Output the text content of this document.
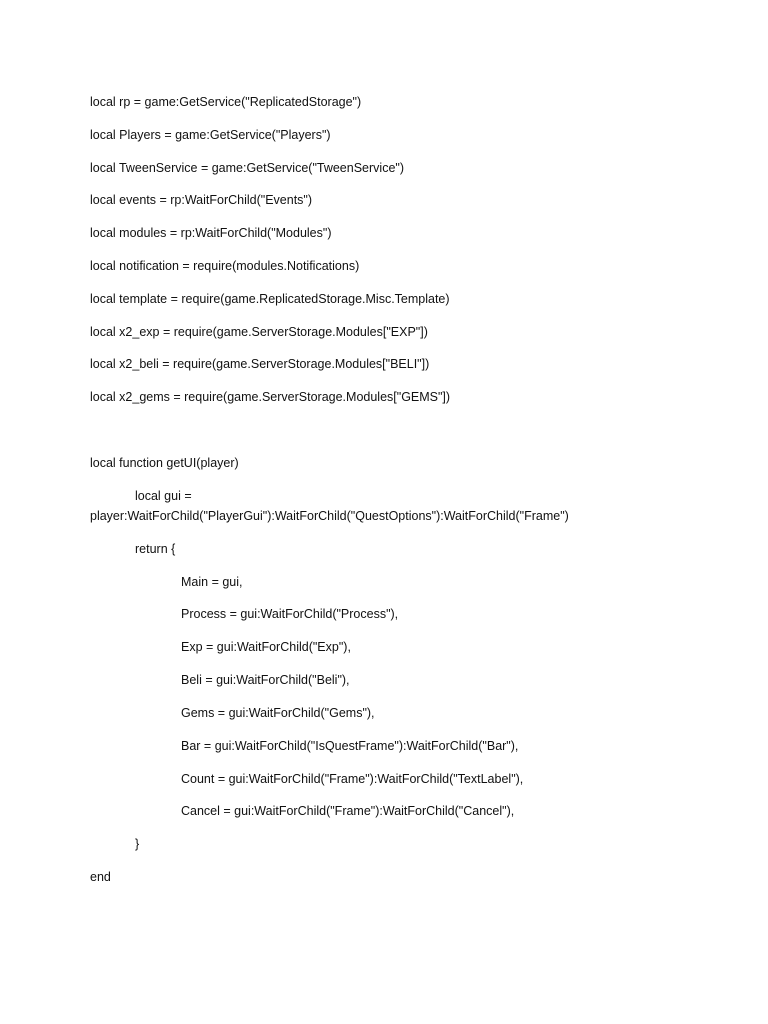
local rp = game:GetService("ReplicatedStorage")
local Players = game:GetService("Players")
local TweenService = game:GetService("TweenService")
local events = rp:WaitForChild("Events")
local modules = rp:WaitForChild("Modules")
local notification = require(modules.Notifications)
local template = require(game.ReplicatedStorage.Misc.Template)
local x2_exp = require(game.ServerStorage.Modules["EXP"])
local x2_beli = require(game.ServerStorage.Modules["BELI"])
local x2_gems = require(game.ServerStorage.Modules["GEMS"])
local function getUI(player)
local gui =
player:WaitForChild("PlayerGui"):WaitForChild("QuestOptions"):WaitForChild("Frame")
return {
Main = gui,
Process = gui:WaitForChild("Process"),
Exp = gui:WaitForChild("Exp"),
Beli = gui:WaitForChild("Beli"),
Gems = gui:WaitForChild("Gems"),
Bar = gui:WaitForChild("IsQuestFrame"):WaitForChild("Bar"),
Count = gui:WaitForChild("Frame"):WaitForChild("TextLabel"),
Cancel = gui:WaitForChild("Frame"):WaitForChild("Cancel"),
}
end
